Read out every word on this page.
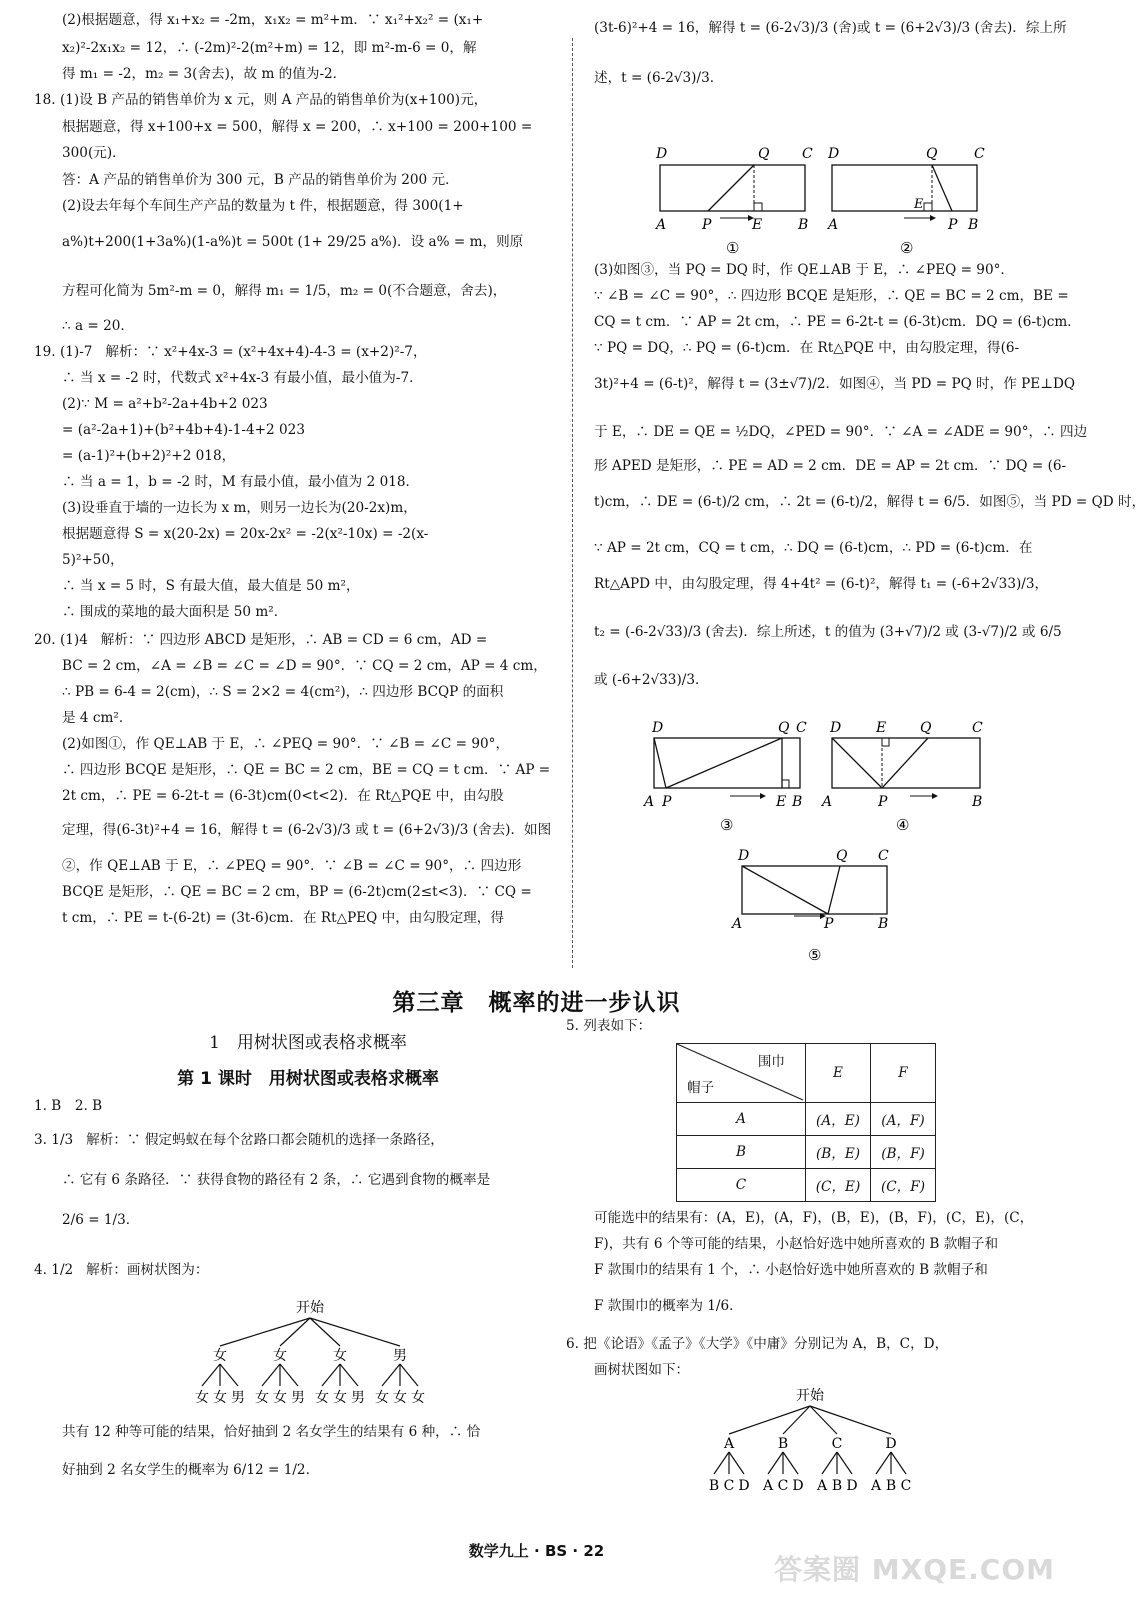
(2)根据题意，得 x₁+x₂ = -2m，x₁x₂ = m²+m．∵ x₁²+x₂² = (x₁+
x₂)²-2x₁x₂ = 12，∴ (-2m)²-2(m²+m) = 12，即 m²-m-6 = 0，解
得 m₁ = -2，m₂ = 3(舍去)，故 m 的值为-2．
18. (1)设 B 产品的销售单价为 x 元，则 A 产品的销售单价为(x+100)元，
根据题意，得 x+100+x = 500，解得 x = 200，∴ x+100 = 200+100 =
300(元)．
答：A 产品的销售单价为 300 元，B 产品的销售单价为 200 元．
(2)设去年每个车间生产产品的数量为 t 件，根据题意，得 300(1+
a%)t+200(1+3a%)(1-a%)t = 500t (1+ 29/25 a%)．设 a% = m，则原
方程可化简为 5m²-m = 0，解得 m₁ = 1/5，m₂ = 0(不合题意，舍去)，
∴ a = 20．
19. (1)-7   解析：∵ x²+4x-3 = (x²+4x+4)-4-3 = (x+2)²-7，
∴ 当 x = -2 时，代数式 x²+4x-3 有最小值，最小值为-7．
(2)∵ M = a²+b²-2a+4b+2 023
= (a²-2a+1)+(b²+4b+4)-1-4+2 023
= (a-1)²+(b+2)²+2 018，
∴ 当 a = 1，b = -2 时，M 有最小值，最小值为 2 018．
(3)设垂直于墙的一边长为 x m，则另一边长为(20-2x)m，
根据题意得 S = x(20-2x) = 20x-2x² = -2(x²-10x) = -2(x-
5)²+50，
∴ 当 x = 5 时，S 有最大值，最大值是 50 m²，
∴ 围成的菜地的最大面积是 50 m²．
20. (1)4   解析：∵ 四边形 ABCD 是矩形，∴ AB = CD = 6 cm，AD =
BC = 2 cm，∠A = ∠B = ∠C = ∠D = 90°．∵ CQ = 2 cm，AP = 4 cm，
∴ PB = 6-4 = 2(cm)，∴ S = 2×2 = 4(cm²)，∴ 四边形 BCQP 的面积
是 4 cm²．
(2)如图①，作 QE⊥AB 于 E，∴ ∠PEQ = 90°．∵ ∠B = ∠C = 90°，
∴ 四边形 BCQE 是矩形，∴ QE = BC = 2 cm，BE = CQ = t cm．∵ AP =
2t cm，∴ PE = 6-2t-t = (6-3t)cm(0<t<2)．在 Rt△PQE 中，由勾股
定理，得(6-3t)²+4 = 16，解得 t = (6-2√3)/3 或 t = (6+2√3)/3 (舍去)．如图
②，作 QE⊥AB 于 E，∴ ∠PEQ = 90°．∵ ∠B = ∠C = 90°，∴ 四边形
BCQE 是矩形，∴ QE = BC = 2 cm，BP = (6-2t)cm(2≤t<3)．∵ CQ =
t cm，∴ PE = t-(6-2t) = (3t-6)cm．在 Rt△PEQ 中，由勾股定理，得
(3t-6)²+4 = 16，解得 t = (6-2√3)/3 (舍)或 t = (6+2√3)/3 (舍去)．综上所
述，t = (6-2√3)/3．
(3)如图③，当 PQ = DQ 时，作 QE⊥AB 于 E，∴ ∠PEQ = 90°．
∵ ∠B = ∠C = 90°，∴ 四边形 BCQE 是矩形，∴ QE = BC = 2 cm，BE =
CQ = t cm．∵ AP = 2t cm，∴ PE = 6-2t-t = (6-3t)cm．DQ = (6-t)cm．
∵ PQ = DQ，∴ PQ = (6-t)cm．在 Rt△PQE 中，由勾股定理，得(6-
3t)²+4 = (6-t)²，解得 t = (3±√7)/2．如图④，当 PD = PQ 时，作 PE⊥DQ
于 E，∴ DE = QE = ½DQ，∠PED = 90°．∵ ∠A = ∠ADE = 90°，∴ 四边
形 APED 是矩形，∴ PE = AD = 2 cm．DE = AP = 2t cm．∵ DQ = (6-
t)cm，∴ DE = (6-t)/2 cm，∴ 2t = (6-t)/2，解得 t = 6/5．如图⑤，当 PD = QD 时，
∵ AP = 2t cm，CQ = t cm，∴ DQ = (6-t)cm，∴ PD = (6-t)cm．在
Rt△APD 中，由勾股定理，得 4+4t² = (6-t)²，解得 t₁ = (-6+2√33)/3，
t₂ = (-6-2√33)/3 (舍去)．综上所述，t 的值为 (3+√7)/2 或 (3-√7)/2 或 6/5
或 (-6+2√33)/3．
D	Q C
A	P	E	B
①
D	Q	C
A
E
P B
②
D	Q C
A P	E B
③
D E Q	C
A	P	B
④
D	Q C
A	P	B
⑤
第三章　概率的进一步认识
1　用树状图或表格求概率
第 1 课时　用树状图或表格求概率
1. B　2. B
3. 1/3   解析：∵ 假定蚂蚁在每个岔路口都会随机的选择一条路径，
∴ 它有 6 条路径．∵ 获得食物的路径有 2 条，∴ 它遇到食物的概率是
2/6 = 1/3．
4. 1/2   解析：画树状图为：
共有 12 种等可能的结果，恰好抽到 2 名女学生的结果有 6 种，∴ 恰
好抽到 2 名女学生的概率为 6/12 = 1/2．
5. 列表如下：
可能选中的结果有：(A，E)，(A，F)，(B，E)，(B，F)，(C，E)，(C，
F)，共有 6 个等可能的结果，小赵恰好选中她所喜欢的 B 款帽子和
F 款围巾的结果有 1 个，∴ 小赵恰好选中她所喜欢的 B 款帽子和
F 款围巾的概率为 1/6．
6. 把《论语》《孟子》《大学》《中庸》分别记为 A，B，C，D，
画树状图如下：
开始
女
女 女 男
女
女 女 男
女
女 女 男
男
女 女 女
围巾
帽子	E	F
A	(A，E)	(A，F)
B	(B，E)	(B，F)
C	(C，E)	(C，F)
开始
A
B C D
B
A C D
C
A B D
D
A B C
数学九上 · BS · 22
答案圈 MXQE.COM
